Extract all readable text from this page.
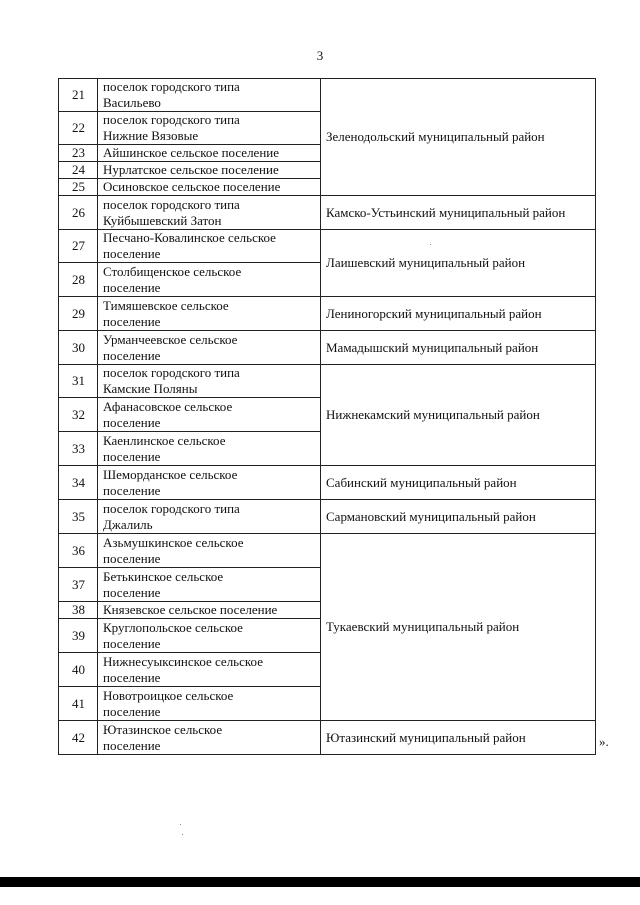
3
21	поселок городского типа
Васильево	Зеленодольский муниципальный район
22	поселок городского типа
Нижние Вязовые	
23	Айшинское сельское поселение	
24	Нурлатское сельское поселение	
25	Осиновское сельское поселение	
26	поселок городского типа
Куйбышевский Затон	Камско-Устьинский муниципальный район
27	Песчано-Ковалинское сельское
поселение	Лаишевский муниципальный район
28	Столбищенское сельское
поселение	
29	Тимяшевское сельское
поселение	Лениногорский муниципальный район
30	Урманчеевское сельское
поселение	Мамадышский муниципальный район
31	поселок городского типа
Камские Поляны	Нижнекамский муниципальный район
32	Афанасовское сельское
поселение	
33	Каенлинское сельское
поселение	
34	Шеморданское сельское
поселение	Сабинский муниципальный район
35	поселок городского типа
Джалиль	Сармановский муниципальный район
36	Азьмушкинское сельское
поселение	Тукаевский муниципальный район
37	Бетькинское сельское
поселение	
38	Князевское сельское поселение	
39	Круглопольское сельское
поселение	
40	Нижнесуыксинское сельское
поселение	
41	Новотроицкое сельское
поселение	
42	Ютазинское сельское
поселение	Ютазинский муниципальный район	».
